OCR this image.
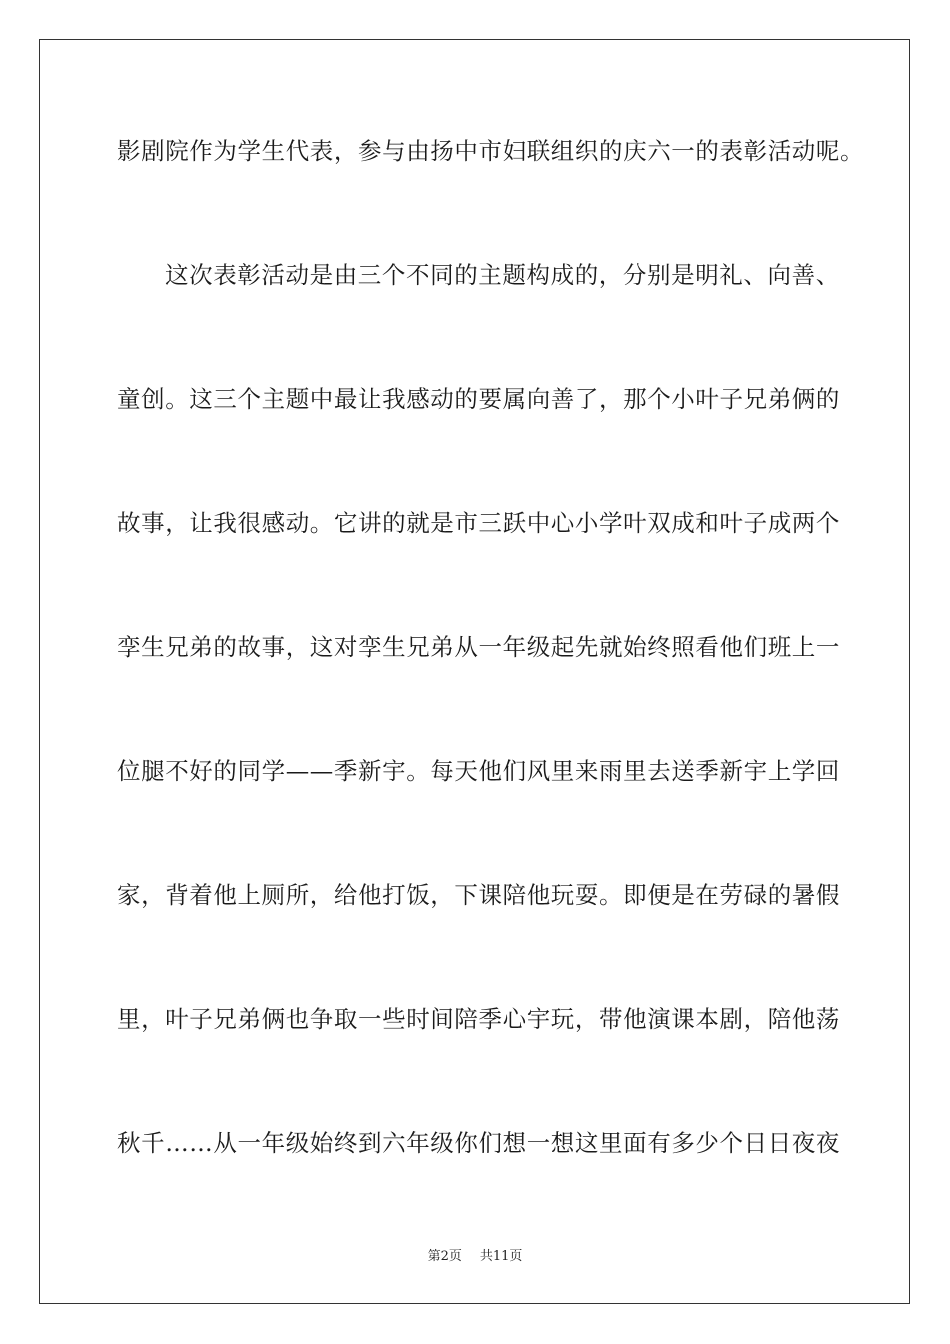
影剧院作为学生代表，参与由扬中市妇联组织的庆六一的表彰活动呢。
这次表彰活动是由三个不同的主题构成的，分别是明礼、向善、
童创。这三个主题中最让我感动的要属向善了，那个小叶子兄弟俩的
故事，让我很感动。它讲的就是市三跃中心小学叶双成和叶子成两个
孪生兄弟的故事，这对孪生兄弟从一年级起先就始终照看他们班上一
位腿不好的同学——季新宇。每天他们风里来雨里去送季新宇上学回
家，背着他上厕所，给他打饭，下课陪他玩耍。即便是在劳碌的暑假
里，叶子兄弟俩也争取一些时间陪季心宇玩，带他演课本剧，陪他荡
秋千……从一年级始终到六年级你们想一想这里面有多少个日日夜夜
第2页 共11页
